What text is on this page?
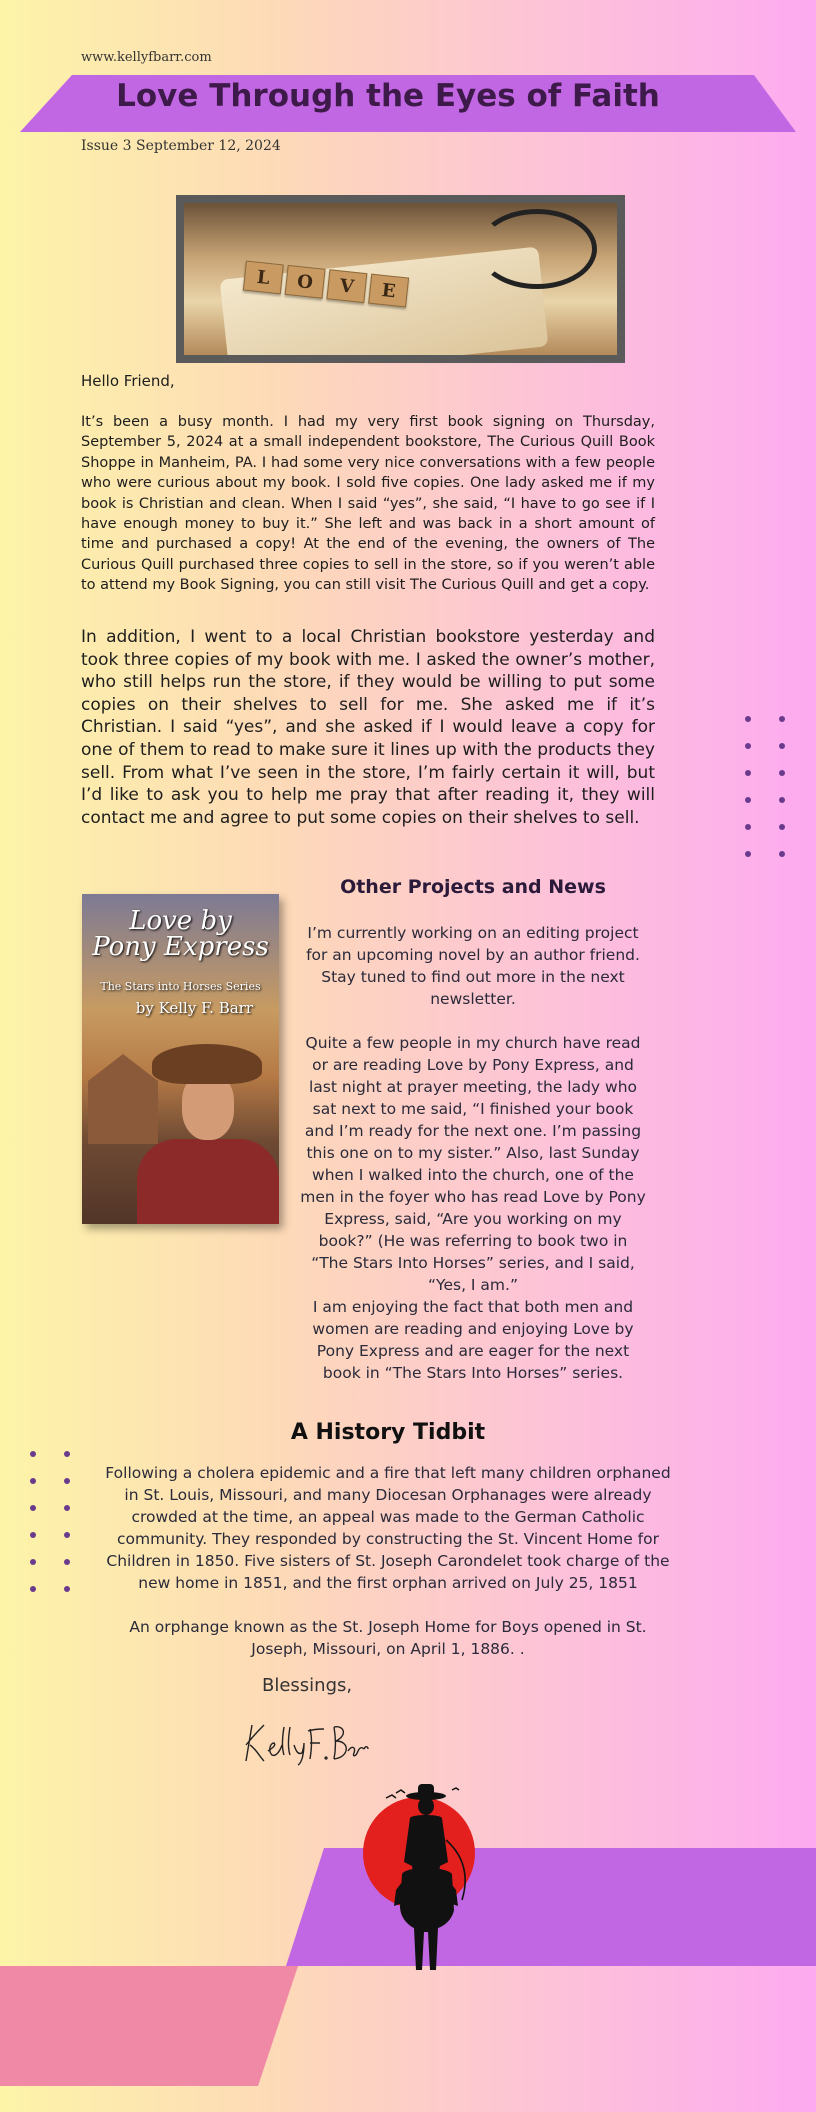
www.kellyfbarr.com
Love Through the Eyes of Faith
Issue 3 September 12, 2024
L	O	V	E
Hello Friend,
It’s been a busy month. I had my very first book signing on Thursday, September 5, 2024 at a small independent bookstore, The Curious Quill Book Shoppe in Manheim, PA. I had some very nice conversations with a few people who were curious about my book. I sold five copies. One lady asked me if my book is Christian and clean. When I said “yes”, she said, “I have to go see if I have enough money to buy it.” She left and was back in a short amount of time and purchased a copy! At the end of the evening, the owners of The Curious Quill purchased three copies to sell in the store, so if you weren’t able to attend my Book Signing, you can still visit The Curious Quill and get a copy.
In addition, I went to a local Christian bookstore yesterday and took three copies of my book with me. I asked the owner’s mother, who still helps run the store, if they would be willing to put some copies on their shelves to sell for me. She asked me if it’s Christian. I said “yes”, and she asked if I would leave a copy for one of them to read to make sure it lines up with the products they sell. From what I’ve seen in the store, I’m fairly certain it will, but I’d like to ask you to help me pray that after reading it, they will contact me and agree to put some copies on their shelves to sell.
Love by
Pony Express
The Stars into Horses Series
by Kelly F. Barr
Other Projects and News

I’m currently working on an editing project for an upcoming novel by an author friend. Stay tuned to find out more in the next newsletter.

Quite a few people in my church have read or are reading Love by Pony Express, and last night at prayer meeting, the lady who sat next to me said, “I finished your book and I’m ready for the next one. I’m passing this one on to my sister.” Also, last Sunday when I walked into the church, one of the men in the foyer who has read Love by Pony Express, said, “Are you working on my book?” (He was referring to book two in “The Stars Into Horses” series, and I said, “Yes, I am.”

I am enjoying the fact that both men and women are reading and enjoying Love by Pony Express and are eager for the next book in “The Stars Into Horses” series.

A History Tidbit

Following a cholera epidemic and a fire that left many children orphaned in St. Louis, Missouri, and many Diocesan Orphanages were already crowded at the time, an appeal was made to the German Catholic community. They responded by constructing the St. Vincent Home for Children in 1850. Five sisters of St. Joseph Carondelet took charge of the new home in 1851, and the first orphan arrived on July 25, 1851

An orphange known as the St. Joseph Home for Boys opened in St. Joseph, Missouri, on April 1, 1886. .

Blessings,
